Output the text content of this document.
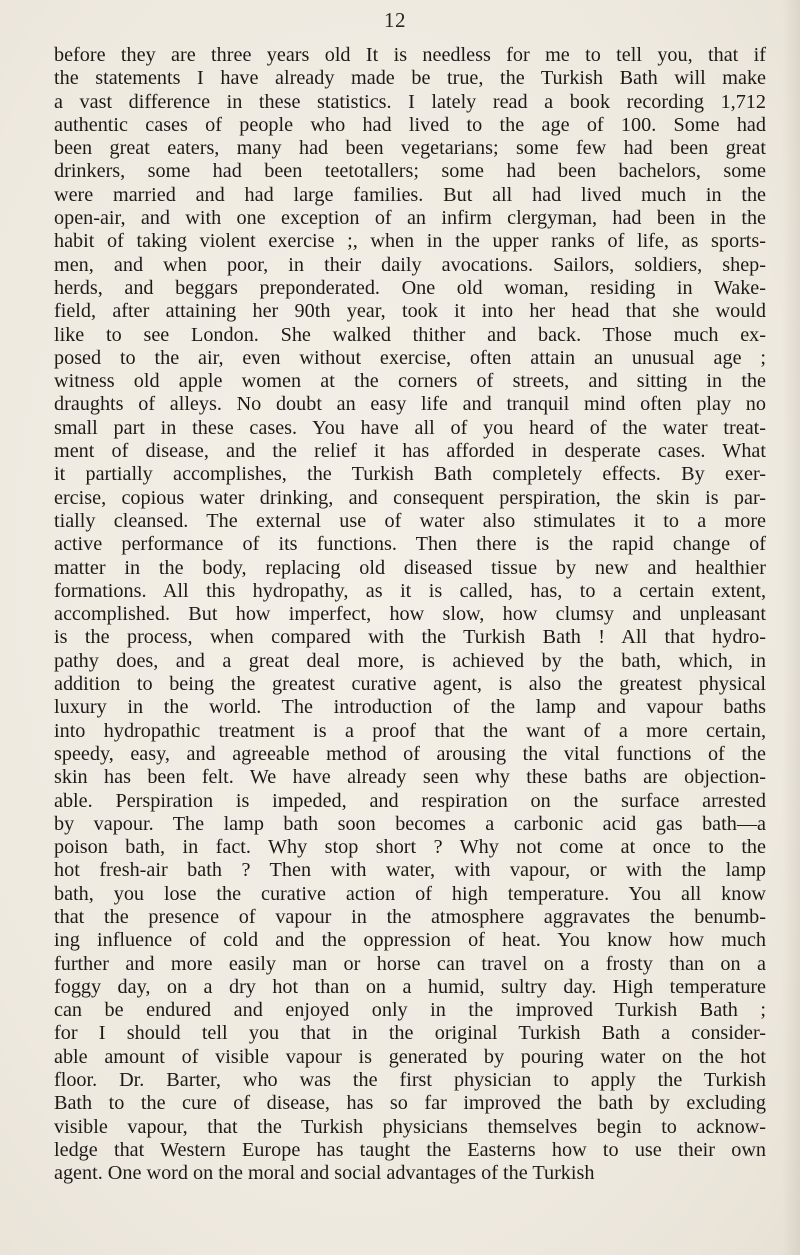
12
before they are three years old It is needless for me to tell you, that if
the statements I have already made be true, the Turkish Bath will make
a vast difference in these statistics. I lately read a book recording 1,712
authentic cases of people who had lived to the age of 100. Some had
been great eaters, many had been vegetarians; some few had been great
drinkers, some had been teetotallers; some had been bachelors, some
were married and had large families. But all had lived much in the
open-air, and with one exception of an infirm clergyman, had been in the
habit of taking violent exercise ;, when in the upper ranks of life, as sports-
men, and when poor, in their daily avocations. Sailors, soldiers, shep-
herds, and beggars preponderated. One old woman, residing in Wake-
field, after attaining her 90th year, took it into her head that she would
like to see London. She walked thither and back. Those much ex-
posed to the air, even without exercise, often attain an unusual age ;
witness old apple women at the corners of streets, and sitting in the
draughts of alleys. No doubt an easy life and tranquil mind often play no
small part in these cases. You have all of you heard of the water treat-
ment of disease, and the relief it has afforded in desperate cases. What
it partially accomplishes, the Turkish Bath completely effects. By exer-
ercise, copious water drinking, and consequent perspiration, the skin is par-
tially cleansed. The external use of water also stimulates it to a more
active performance of its functions. Then there is the rapid change of
matter in the body, replacing old diseased tissue by new and healthier
formations. All this hydropathy, as it is called, has, to a certain extent,
accomplished. But how imperfect, how slow, how clumsy and unpleasant
is the process, when compared with the Turkish Bath ! All that hydro-
pathy does, and a great deal more, is achieved by the bath, which, in
addition to being the greatest curative agent, is also the greatest physical
luxury in the world. The introduction of the lamp and vapour baths
into hydropathic treatment is a proof that the want of a more certain,
speedy, easy, and agreeable method of arousing the vital functions of the
skin has been felt. We have already seen why these baths are objection-
able. Perspiration is impeded, and respiration on the surface arrested
by vapour. The lamp bath soon becomes a carbonic acid gas bath—a
poison bath, in fact. Why stop short ? Why not come at once to the
hot fresh-air bath ? Then with water, with vapour, or with the lamp
bath, you lose the curative action of high temperature. You all know
that the presence of vapour in the atmosphere aggravates the benumb-
ing influence of cold and the oppression of heat. You know how much
further and more easily man or horse can travel on a frosty than on a
foggy day, on a dry hot than on a humid, sultry day. High temperature
can be endured and enjoyed only in the improved Turkish Bath ;
for I should tell you that in the original Turkish Bath a consider-
able amount of visible vapour is generated by pouring water on the hot
floor. Dr. Barter, who was the first physician to apply the Turkish
Bath to the cure of disease, has so far improved the bath by excluding
visible vapour, that the Turkish physicians themselves begin to acknow-
ledge that Western Europe has taught the Easterns how to use their own
agent. One word on the moral and social advantages of the Turkish
